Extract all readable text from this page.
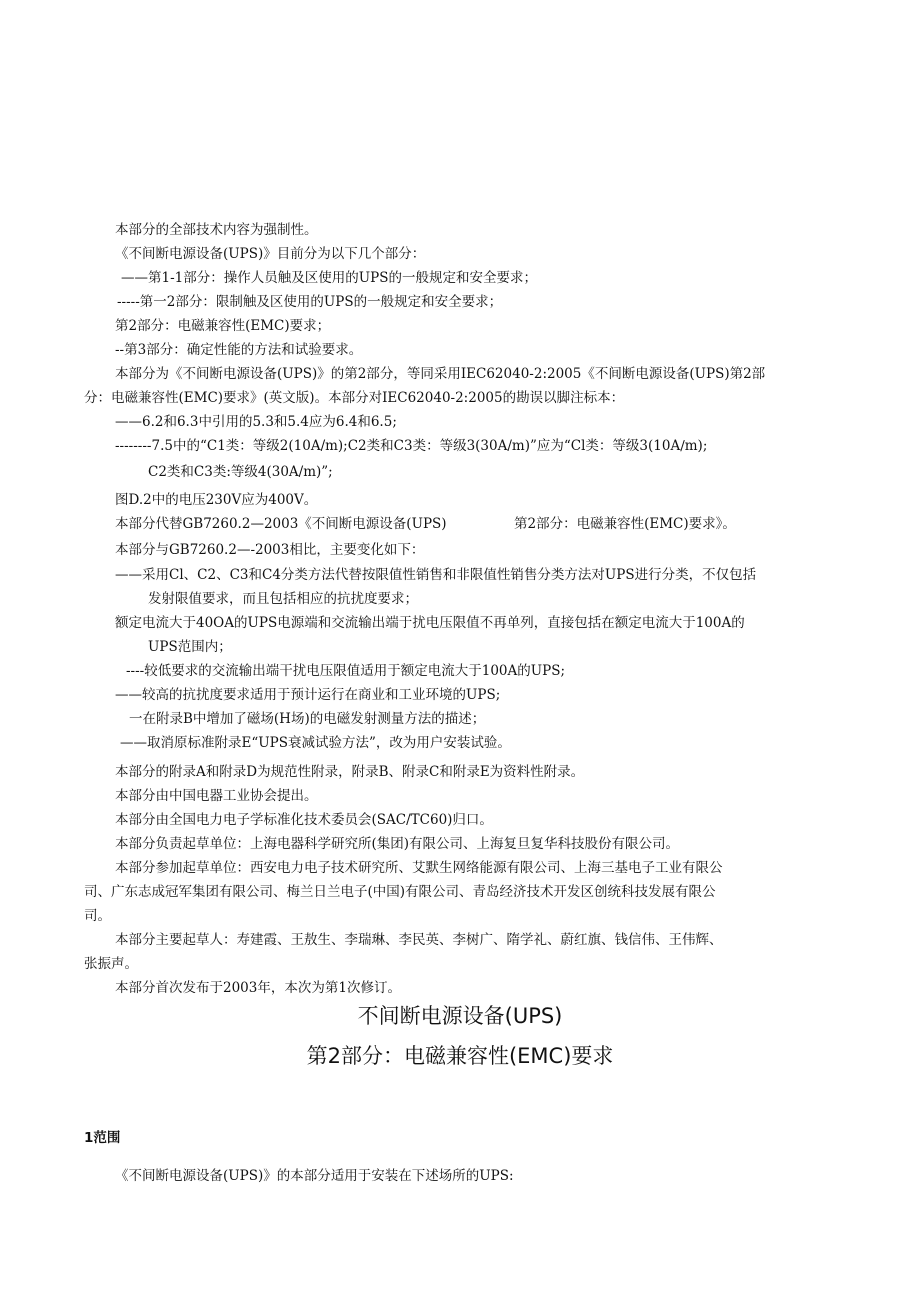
本部分的全部技术内容为强制性。
《不间断电源设备(UPS)》目前分为以下几个部分：
——第1-1部分：操作人员触及区使用的UPS的一般规定和安全要求；
-----第一2部分：限制触及区使用的UPS的一般规定和安全要求；
第2部分：电磁兼容性(EMC)要求；
--第3部分：确定性能的方法和试验要求。
本部分为《不间断电源设备(UPS)》的第2部分，等同采用IEC62040-2:2005《不间断电源设备(UPS)第2部
分：电磁兼容性(EMC)要求》(英文版)。本部分对IEC62040-2:2005的勘误以脚注标本：
——6.2和6.3中引用的5.3和5.4应为6.4和6.5;
--------7.5中的“C1类：等级2(10A/m);C2类和C3类：等级3(30A/m)”应为“Cl类：等级3(10A∕m);
C2类和C3类:等级4(30A/m)”;
图D.2中的电压230V应为400V。
本部分代替GB7260.2—2003《不间断电源设备(UPS)	第2部分：电磁兼容性(EMC)要求》。
本部分与GB7260.2—-2003相比，主要变化如下：
——采用Cl、C2、C3和C4分类方法代替按限值性销售和非限值性销售分类方法对UPS进行分类，不仅包括
发射限值要求，而且包括相应的抗扰度要求；
额定电流大于40OA的UPS电源端和交流输出端于扰电压限值不再单列，直接包括在额定电流大于100A的
UPS范围内；
----较低要求的交流输出端干扰电压限值适用于额定电流大于100A的UPS;
——较高的抗扰度要求适用于预计运行在商业和工业环境的UPS;
一在附录B中增加了磁场(H场)的电磁发射测量方法的描述；
——取消原标准附录E“UPS衰减试验方法”，改为用户安装试验。
本部分的附录A和附录D为规范性附录，附录B、附录C和附录E为资料性附录。
本部分由中国电器工业协会提出。
本部分由全国电力电子学标准化技术委员会(SAC/TC60)归口。
本部分负责起草单位：上海电器科学研究所(集团)有限公司、上海复旦复华科技股份有限公司。
本部分参加起草单位：西安电力电子技术研究所、艾默生网络能源有限公司、上海三基电子工业有限公
司、广东志成冠军集团有限公司、梅兰日兰电子(中国)有限公司、青岛经济技术开发区创统科技发展有限公
司。
本部分主要起草人：寿建霞、王敖生、李瑞琳、李民英、李树广、隋学礼、蔚红旗、钱信伟、王伟辉、
张振声。
本部分首次发布于2003年，本次为第1次修订。
不间断电源设备(UPS)
第2部分：电磁兼容性(EMC)要求
1范围
《不间断电源设备(UPS)》的本部分适用于安装在下述场所的UPS:
